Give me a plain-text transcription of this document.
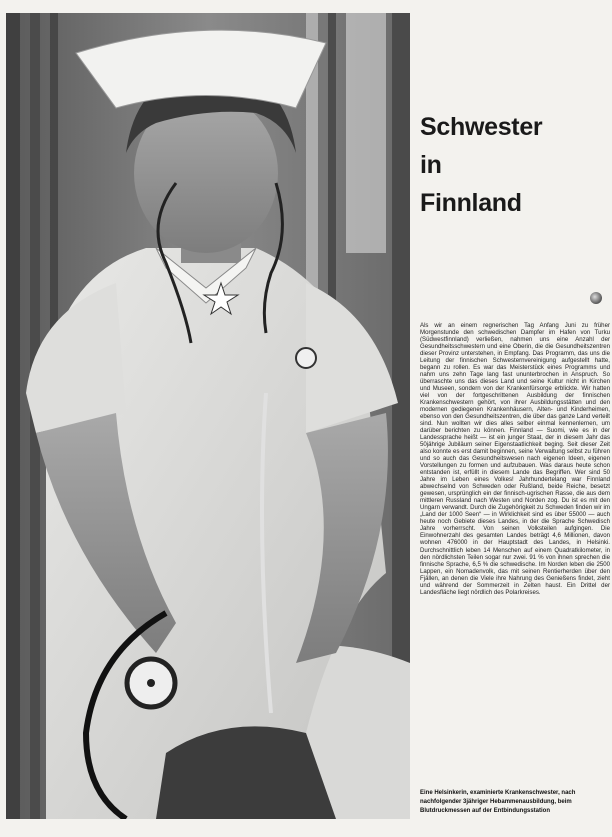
Schwester
in
Finnland

Als wir an einem regnerischen Tag Anfang Juni zu früher Morgenstunde den schwedischen Dampfer im Hafen von Turku (Südwestfinnland) verließen, nahmen uns eine Anzahl der Gesundheitsschwestern und eine Oberin, die die Gesundheitszentren dieser Provinz unterstehen, in Empfang. Das Programm, das uns die Leitung der finnischen Schwesternvereinigung aufgestellt hatte, begann zu rollen. Es war das Meisterstück eines Programms und nahm uns zehn Tage lang fast ununterbrochen in Anspruch. So überraschte uns das dieses Land und seine Kultur nicht in Kirchen und Museen, sondern von der Krankenfürsorge erblickte. Wir hatten viel von der fortgeschrittenen Ausbildung der finnischen Krankenschwestern gehört, von ihrer Ausbildungsstätten und den modernen gediegenen Krankenhäusern, Alten- und Kinderheimen, ebenso von den Gesundheitszentren, die über das ganze Land verteilt sind. Nun wollten wir dies alles selber einmal kennenlernen, um darüber berichten zu können. Finnland — Suomi, wie es in der Landessprache heißt — ist ein junger Staat, der in diesem Jahr das 50jährige Jubiläum seiner Eigenstaatlichkeit beging. Seit dieser Zeit also konnte es erst damit beginnen, seine Verwaltung selbst zu führen und so auch das Gesundheitswesen nach eigenen Ideen, eigenen Vorstellungen zu formen und aufzubauen. Was daraus heute schon entstanden ist, erfüllt in diesem Lande das Begriffen. Wer sind 50 Jahre im Leben eines Volkes! Jahrhundertelang war Finnland abwechselnd von Schweden oder Rußland, beide Reiche, besetzt gewesen, ursprünglich ein der finnisch-ugrischen Rasse, die aus dem mittleren Russland nach Westen und Norden zog. Du ist es mit den Ungarn verwandt. Durch die Zugehörigkeit zu Schweden finden wir im „Land der 1000 Seen“ — in Wirklichkeit sind es über 55000 — auch heute noch Gebiete dieses Landes, in der die Sprache Schwedisch Jahre vorherrscht. Von seinen Volksteilen aufgingen. Die Einwohnerzahl des gesamten Landes beträgt 4,6 Millionen, davon wohnen 476000 in der Hauptstadt des Landes, in Helsinki. Durchschnittlich leben 14 Menschen auf einem Quadratkilometer, in den nördlichsten Teilen sogar nur zwei. 91 % von ihnen sprechen die finnische Sprache, 6,5 % die schwedische. Im Norden leben die 2500 Lappen, ein Nomadenvolk, das mit seinen Rentierherden über den Fjällen, an denen die Viele ihre Nahrung des Genießens findet, zieht und während der Sommerzeit in Zelten haust. Ein Drittel der Landesfläche liegt nördlich des Polarkreises.

Eine Helsinkerin, examinierte Krankenschwester, nach nachfolgender 3jähriger Hebammenausbildung, beim Blutdruckmessen auf der Entbindungsstation
